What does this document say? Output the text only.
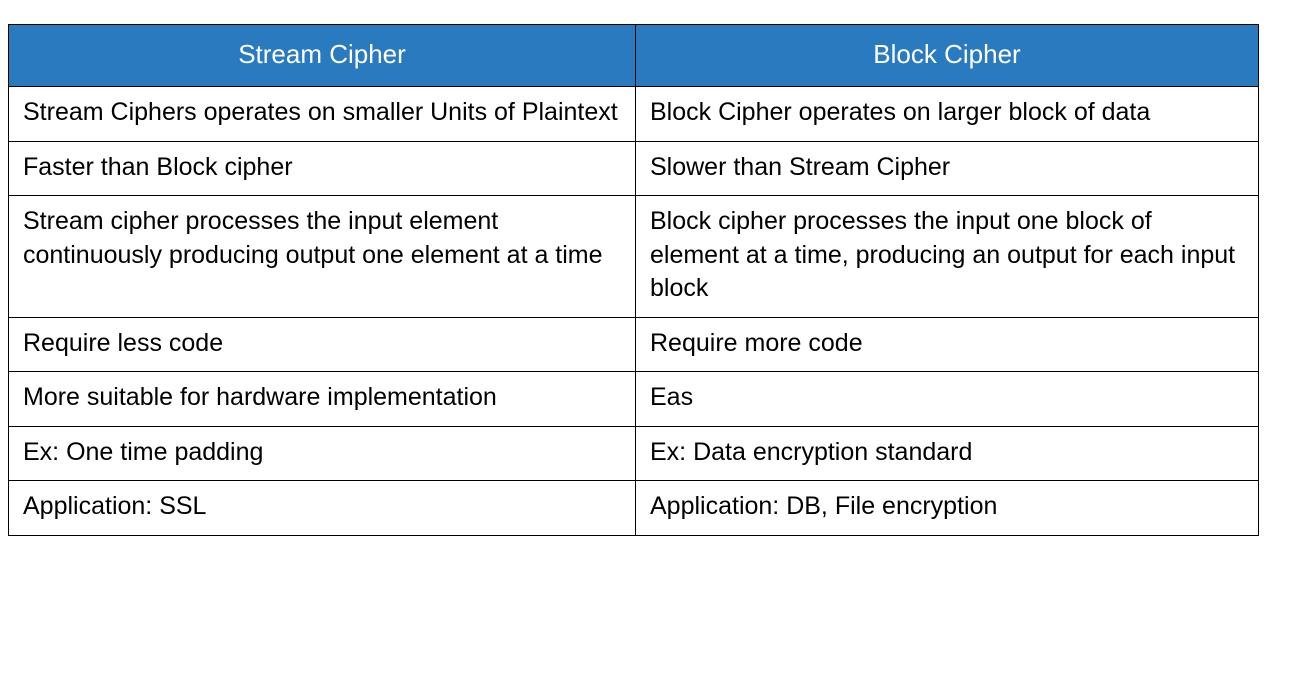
Stream Cipher	Block Cipher
Stream Ciphers operates on smaller Units of Plaintext	Block Cipher operates on larger block of data
Faster than Block cipher	Slower than Stream Cipher
Stream cipher processes the input element continuously producing output one element at a time	Block cipher processes the input one block of element at a time, producing an output for each input block
Require less code	Require more code
More suitable for hardware implementation	Eas
Ex: One time padding	Ex: Data encryption standard
Application: SSL	Application: DB, File encryption
